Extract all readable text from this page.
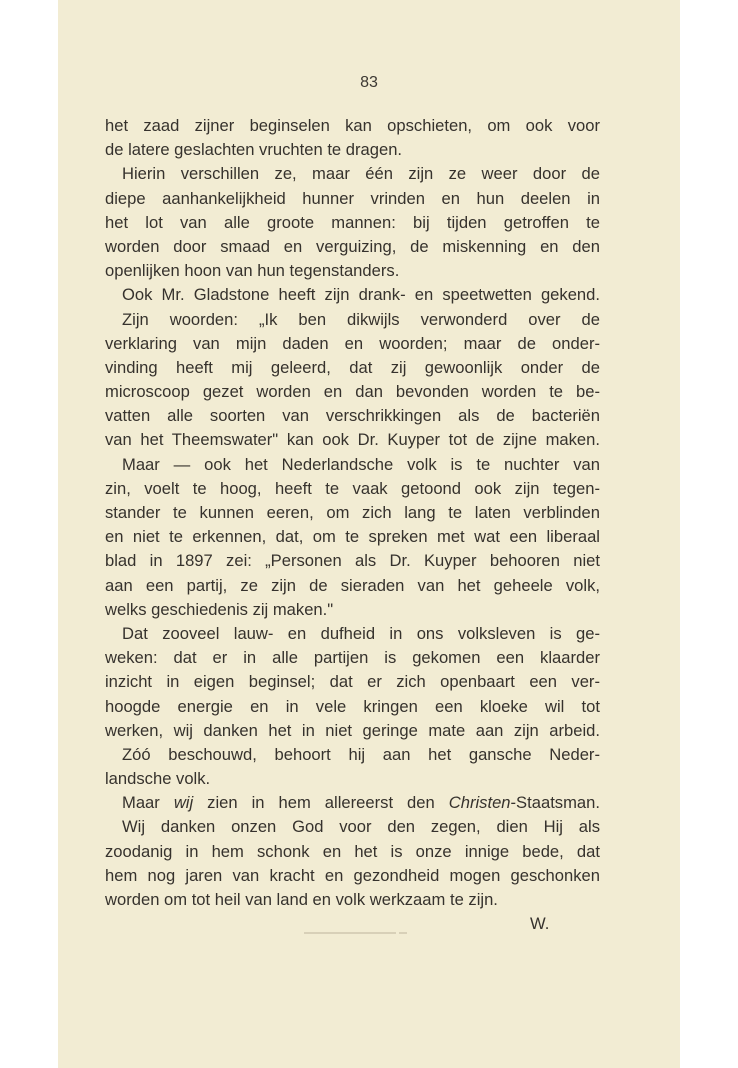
83
het zaad zijner beginselen kan opschieten, om ook voor
de latere geslachten vruchten te dragen.
Hierin verschillen ze, maar één zijn ze weer door de
diepe aanhankelijkheid hunner vrinden en hun deelen in
het lot van alle groote mannen: bij tijden getroffen te
worden door smaad en verguizing, de miskenning en den
openlijken hoon van hun tegenstanders.
Ook Mr. Gladstone heeft zijn drank- en speetwetten gekend.
Zijn woorden: „Ik ben dikwijls verwonderd over de
verklaring van mijn daden en woorden; maar de onder-
vinding heeft mij geleerd, dat zij gewoonlijk onder de
microscoop gezet worden en dan bevonden worden te be-
vatten alle soorten van verschrikkingen als de bacteriën
van het Theemswater" kan ook Dr. Kuyper tot de zijne maken.
Maar — ook het Nederlandsche volk is te nuchter van
zin, voelt te hoog, heeft te vaak getoond ook zijn tegen-
stander te kunnen eeren, om zich lang te laten verblinden
en niet te erkennen, dat, om te spreken met wat een liberaal
blad in 1897 zei: „Personen als Dr. Kuyper behooren niet
aan een partij, ze zijn de sieraden van het geheele volk,
welks geschiedenis zij maken."
Dat zooveel lauw- en dufheid in ons volksleven is ge-
weken: dat er in alle partijen is gekomen een klaarder
inzicht in eigen beginsel; dat er zich openbaart een ver-
hoogde energie en in vele kringen een kloeke wil tot
werken, wij danken het in niet geringe mate aan zijn arbeid.
Zóó beschouwd, behoort hij aan het gansche Neder-
landsche volk.
Maar wij zien in hem allereerst den Christen-Staatsman.
Wij danken onzen God voor den zegen, dien Hij als
zoodanig in hem schonk en het is onze innige bede, dat
hem nog jaren van kracht en gezondheid mogen geschonken
worden om tot heil van land en volk werkzaam te zijn.
W.
